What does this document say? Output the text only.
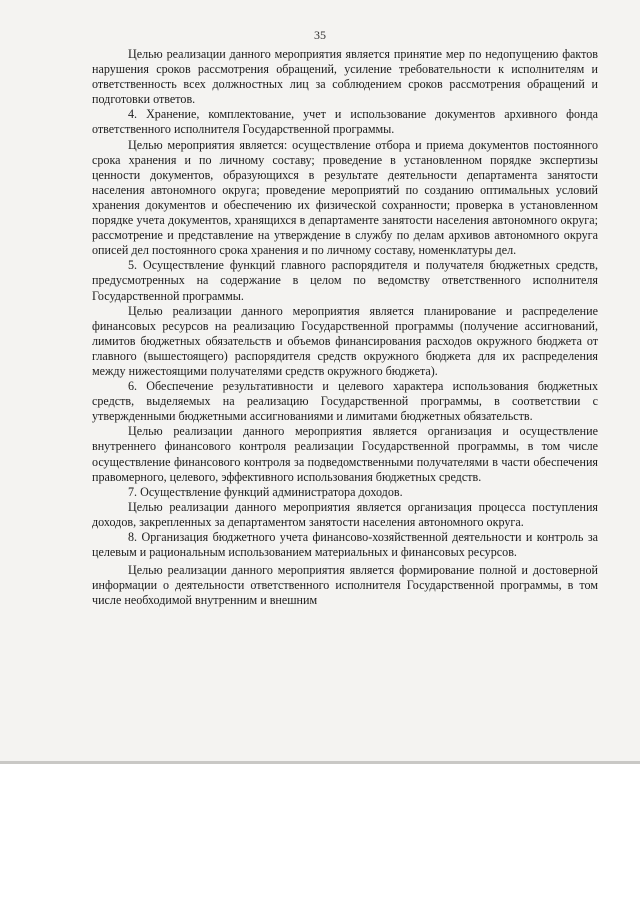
35

Целью реализации данного мероприятия является принятие мер по недопущению фактов нарушения сроков рассмотрения обращений, усиление требовательности к исполнителям и ответственность всех должностных лиц за соблюдением сроков рассмотрения обращений и подготовки ответов.

4. Хранение, комплектование, учет и использование документов архивного фонда ответственного исполнителя Государственной программы.

Целью мероприятия является: осуществление отбора и приема документов постоянного срока хранения и по личному составу; проведение в установленном порядке экспертизы ценности документов, образующихся в результате деятельности департамента занятости населения автономного округа; проведение мероприятий по созданию оптимальных условий хранения документов и обеспечению их физической сохранности; проверка в установленном порядке учета документов, хранящихся в департаменте занятости населения автономного округа; рассмотрение и представление на утверждение в службу по делам архивов автономного округа описей дел постоянного срока хранения и по личному составу, номенклатуры дел.

5. Осуществление функций главного распорядителя и получателя бюджетных средств, предусмотренных на содержание в целом по ведомству ответственного исполнителя Государственной программы.

Целью реализации данного мероприятия является планирование и распределение финансовых ресурсов на реализацию Государственной программы (получение ассигнований, лимитов бюджетных обязательств и объемов финансирования расходов окружного бюджета от главного (вышестоящего) распорядителя средств окружного бюджета для их распределения между нижестоящими получателями средств окружного бюджета).

6. Обеспечение результативности и целевого характера использования бюджетных средств, выделяемых на реализацию Государственной программы, в соответствии с утвержденными бюджетными ассигнованиями и лимитами бюджетных обязательств.

Целью реализации данного мероприятия является организация и осуществление внутреннего финансового контроля реализации Государственной программы, в том числе осуществление финансового контроля за подведомственными получателями в части обеспечения правомерного, целевого, эффективного использования бюджетных средств.

7. Осуществление функций администратора доходов.

Целью реализации данного мероприятия является организация процесса поступления доходов, закрепленных за департаментом занятости населения автономного округа.

8. Организация бюджетного учета финансово-хозяйственной деятельности и контроль за целевым и рациональным использованием материальных и финансовых ресурсов.

Целью реализации данного мероприятия является формирование полной и достоверной информации о деятельности ответственного исполнителя Государственной программы, в том числе необходимой внутренним и внешним
